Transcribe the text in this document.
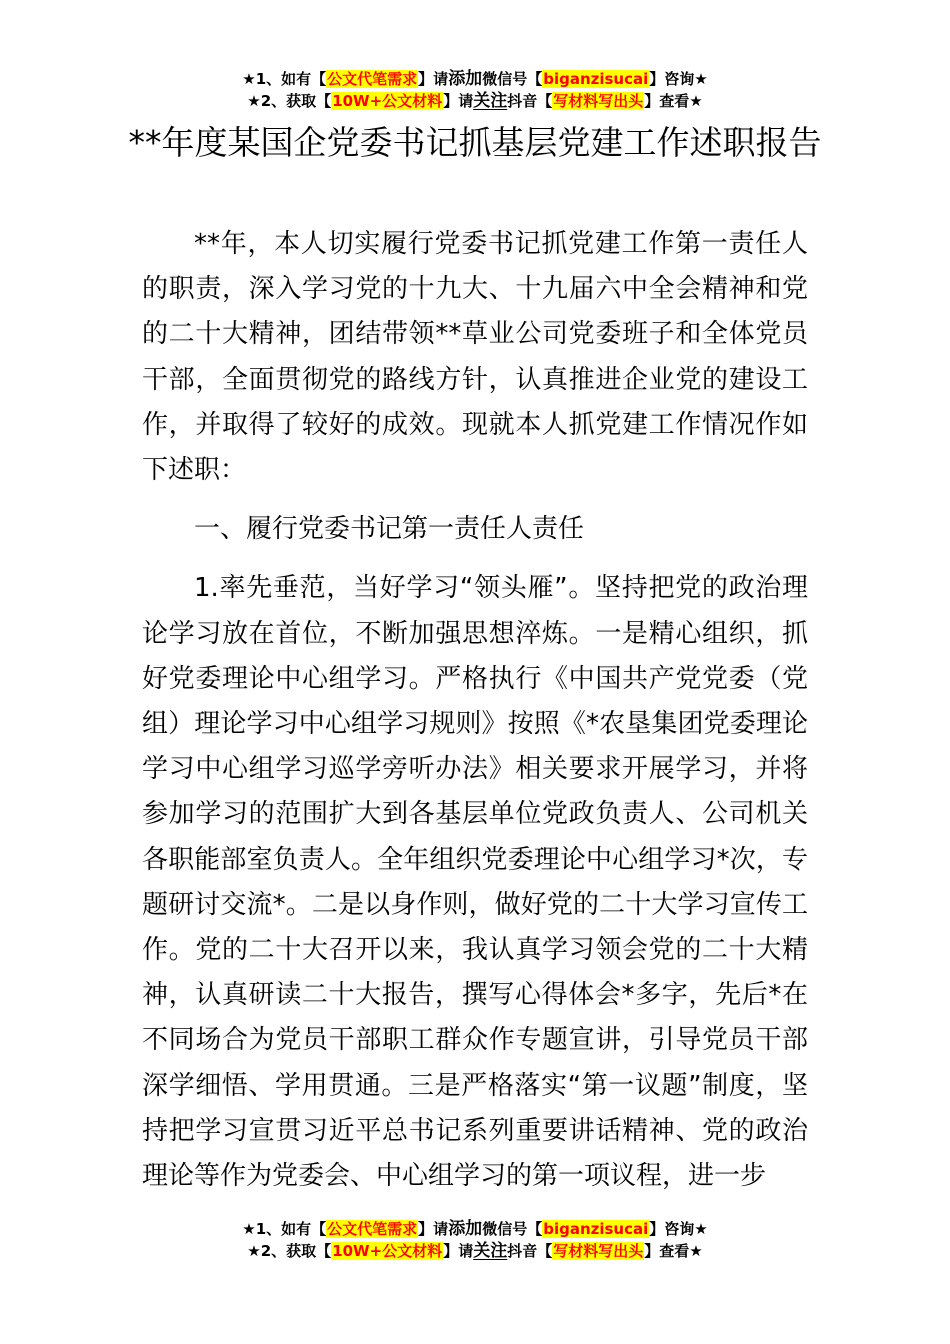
★1、如有【公文代笔需求】请添加微信号【biganzisucai】咨询★
★2、获取【10W+公文材料】请关注抖音【写材料写出头】查看★
**年度某国企党委书记抓基层党建工作述职报告

**年，本人切实履行党委书记抓党建工作第一责任人的职责，深入学习党的十九大、十九届六中全会精神和党的二十大精神，团结带领**草业公司党委班子和全体党员干部，全面贯彻党的路线方针，认真推进企业党的建设工作，并取得了较好的成效。现就本人抓党建工作情况作如下述职：

一、履行党委书记第一责任人责任

1.率先垂范，当好学习“领头雁”。坚持把党的政治理论学习放在首位，不断加强思想淬炼。一是精心组织，抓好党委理论中心组学习。严格执行《中国共产党党委（党组）理论学习中心组学习规则》按照《*农垦集团党委理论学习中心组学习巡学旁听办法》相关要求开展学习，并将参加学习的范围扩大到各基层单位党政负责人、公司机关各职能部室负责人。全年组织党委理论中心组学习*次，专题研讨交流*。二是以身作则，做好党的二十大学习宣传工作。党的二十大召开以来，我认真学习领会党的二十大精神，认真研读二十大报告，撰写心得体会*多字，先后*在不同场合为党员干部职工群众作专题宣讲，引导党员干部深学细悟、学用贯通。三是严格落实“第一议题”制度，坚持把学习宣贯习近平总书记系列重要讲话精神、党的政治理论等作为党委会、中心组学习的第一项议程，进一步

★1、如有【公文代笔需求】请添加微信号【biganzisucai】咨询★
★2、获取【10W+公文材料】请关注抖音【写材料写出头】查看★
